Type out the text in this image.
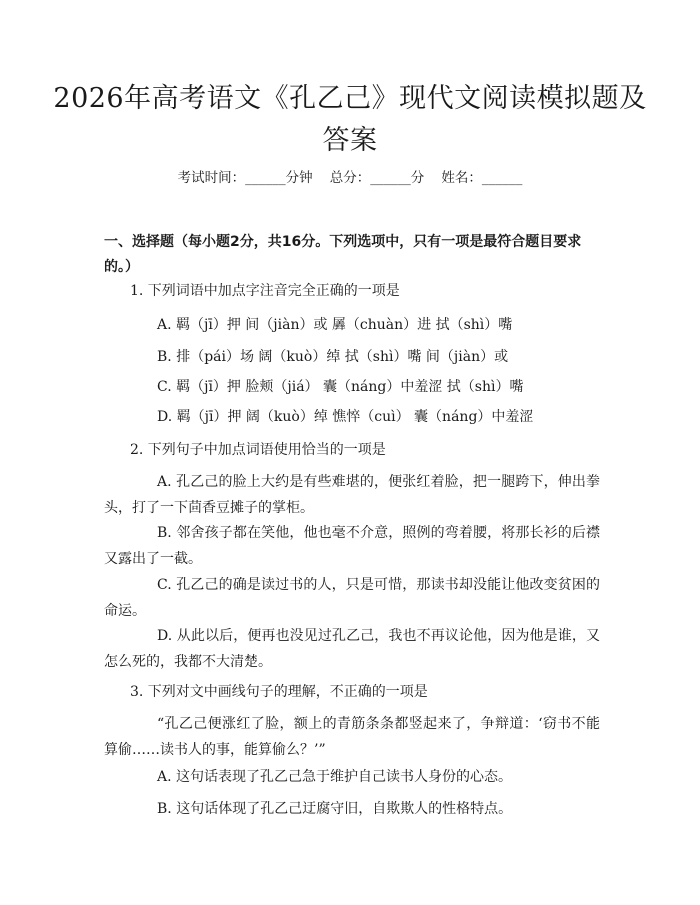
2026年高考语文《孔乙己》现代文阅读模拟题及答案
考试时间：______分钟    总分：______分    姓名：______
一、选择题（每小题2分，共16分。下列选项中，只有一项是最符合题目要求的。）
1. 下列词语中加点字注音完全正确的一项是
A. 羁（jī）押 间（jiàn）或 羼（chuàn）进 拭（shì）嘴
B. 排（pái）场 阔（kuò）绰 拭（shì）嘴 间（jiàn）或
C. 羁（jī）押 脸颊（jiá） 囊（náng）中羞涩 拭（shì）嘴
D. 羁（jī）押 阔（kuò）绰 憔悴（cuì） 囊（náng）中羞涩
2. 下列句子中加点词语使用恰当的一项是
A. 孔乙己的脸上大约是有些难堪的，便张红着脸，把一腿跨下，伸出拳头，打了一下茴香豆摊子的掌柜。
B. 邻舍孩子都在笑他，他也毫不介意，照例的弯着腰，将那长衫的后襟又露出了一截。
C. 孔乙己的确是读过书的人，只是可惜，那读书却没能让他改变贫困的命运。
D. 从此以后，便再也没见过孔乙己，我也不再议论他，因为他是谁，又怎么死的，我都不大清楚。
3. 下列对文中画线句子的理解，不正确的一项是
“孔乙己便涨红了脸，额上的青筋条条都竖起来了，争辩道：‘窃书不能算偷……读书人的事，能算偷么？’”
A. 这句话表现了孔乙己急于维护自己读书人身份的心态。
B. 这句话体现了孔乙己迂腐守旧，自欺欺人的性格特点。
